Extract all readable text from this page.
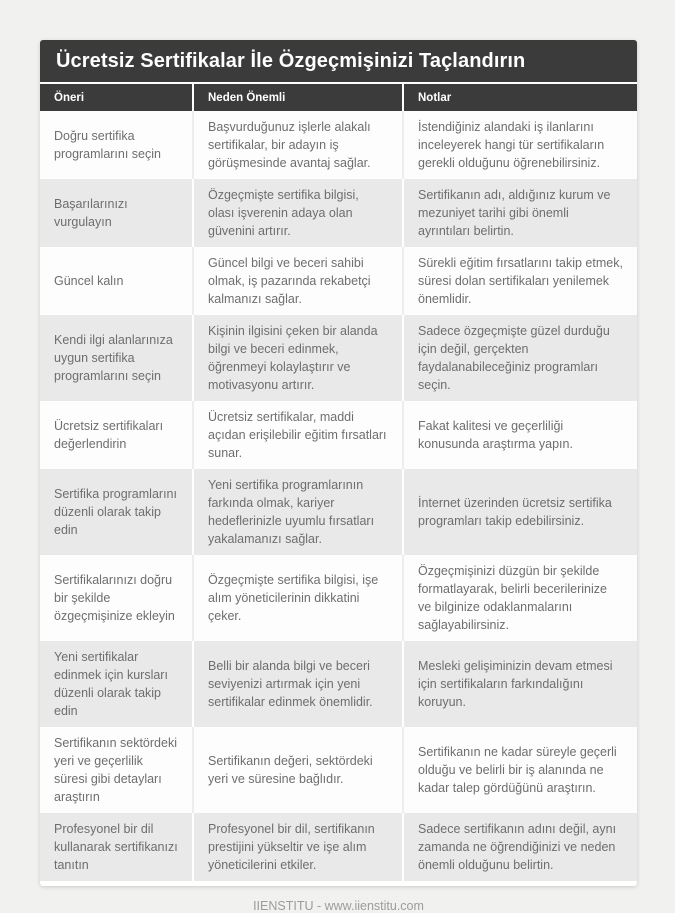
Ücretsiz Sertifikalar İle Özgeçmişinizi Taçlandırın
Öneri	Neden Önemli	Notlar
Doğru sertifika programlarını seçin	Başvurduğunuz işlerle alakalı sertifikalar, bir adayın iş görüşmesinde avantaj sağlar.	İstendiğiniz alandaki iş ilanlarını inceleyerek hangi tür sertifikaların gerekli olduğunu öğrenebilirsiniz.
Başarılarınızı vurgulayın	Özgeçmişte sertifika bilgisi, olası işverenin adaya olan güvenini artırır.	Sertifikanın adı, aldığınız kurum ve mezuniyet tarihi gibi önemli ayrıntıları belirtin.
Güncel kalın	Güncel bilgi ve beceri sahibi olmak, iş pazarında rekabetçi kalmanızı sağlar.	Sürekli eğitim fırsatlarını takip etmek, süresi dolan sertifikaları yenilemek önemlidir.
Kendi ilgi alanlarınıza uygun sertifika programlarını seçin	Kişinin ilgisini çeken bir alanda bilgi ve beceri edinmek, öğrenmeyi kolaylaştırır ve motivasyonu artırır.	Sadece özgeçmişte güzel durduğu için değil, gerçekten faydalanabileceğiniz programları seçin.
Ücretsiz sertifikaları değerlendirin	Ücretsiz sertifikalar, maddi açıdan erişilebilir eğitim fırsatları sunar.	Fakat kalitesi ve geçerliliği konusunda araştırma yapın.
Sertifika programlarını düzenli olarak takip edin	Yeni sertifika programlarının farkında olmak, kariyer hedeflerinizle uyumlu fırsatları yakalamanızı sağlar.	İnternet üzerinden ücretsiz sertifika programları takip edebilirsiniz.
Sertifikalarınızı doğru bir şekilde özgeçmişinize ekleyin	Özgeçmişte sertifika bilgisi, işe alım yöneticilerinin dikkatini çeker.	Özgeçmişinizi düzgün bir şekilde formatlayarak, belirli becerilerinize ve bilginize odaklanmalarını sağlayabilirsiniz.
Yeni sertifikalar edinmek için kursları düzenli olarak takip edin	Belli bir alanda bilgi ve beceri seviyenizi artırmak için yeni sertifikalar edinmek önemlidir.	Mesleki gelişiminizin devam etmesi için sertifikaların farkındalığını koruyun.
Sertifikanın sektördeki yeri ve geçerlilik süresi gibi detayları araştırın	Sertifikanın değeri, sektördeki yeri ve süresine bağlıdır.	Sertifikanın ne kadar süreyle geçerli olduğu ve belirli bir iş alanında ne kadar talep gördüğünü araştırın.
Profesyonel bir dil kullanarak sertifikanızı tanıtın	Profesyonel bir dil, sertifikanın prestijini yükseltir ve işe alım yöneticilerini etkiler.	Sadece sertifikanın adını değil, aynı zamanda ne öğrendiğinizi ve neden önemli olduğunu belirtin.
IIENSTITU - www.iienstitu.com
